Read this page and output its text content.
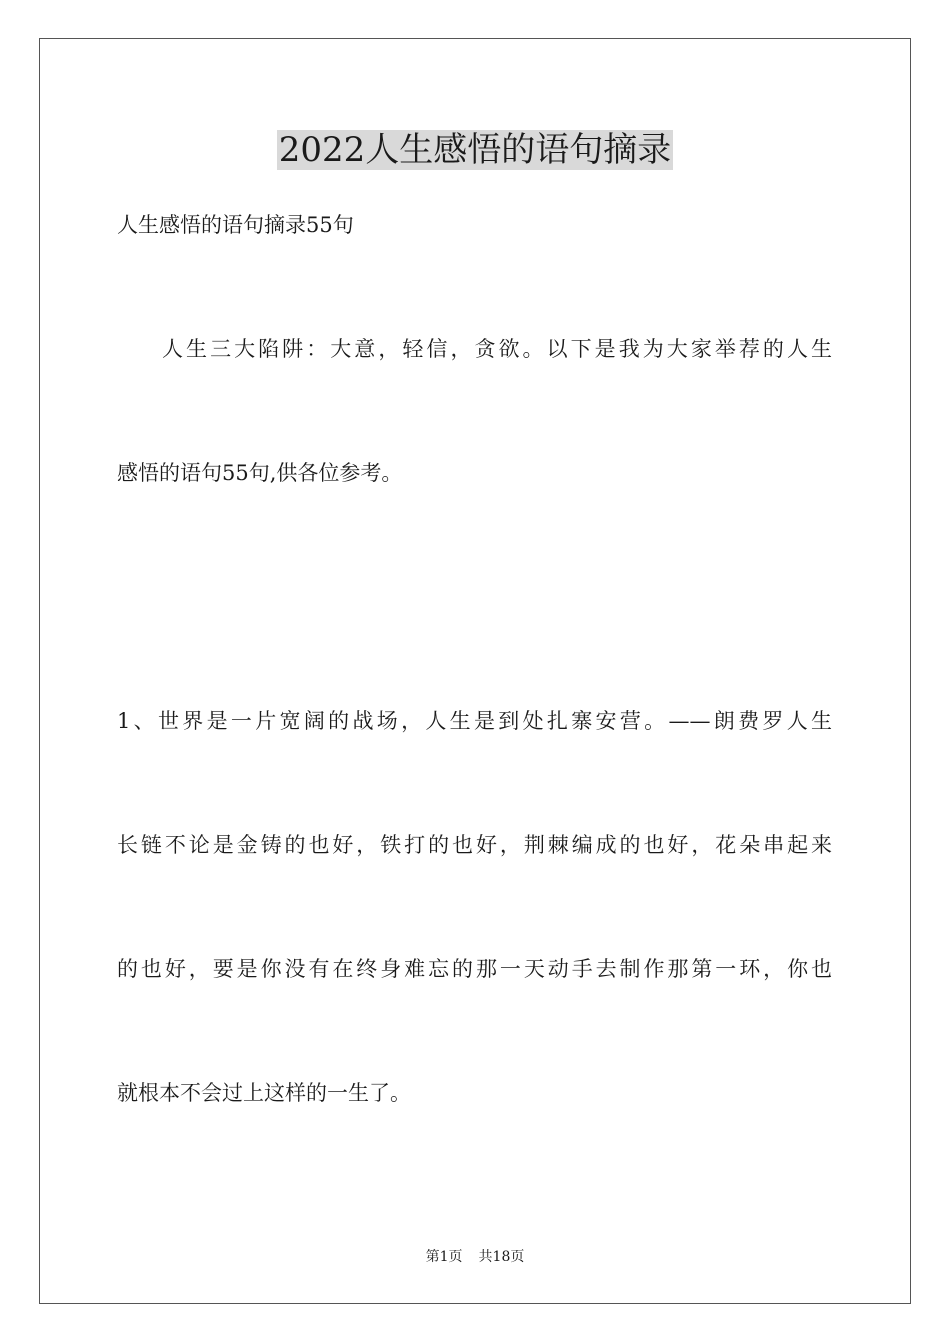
2022人生感悟的语句摘录
人生感悟的语句摘录55句
人生三大陷阱：大意，轻信，贪欲。以下是我为大家举荐的人生
感悟的语句55句,供各位参考。
1、世界是一片宽阔的战场，人生是到处扎寨安营。——朗费罗人生
长链不论是金铸的也好，铁打的也好，荆棘编成的也好，花朵串起来
的也好，要是你没有在终身难忘的那一天动手去制作那第一环，你也
就根本不会过上这样的一生了。
第1页 共18页
